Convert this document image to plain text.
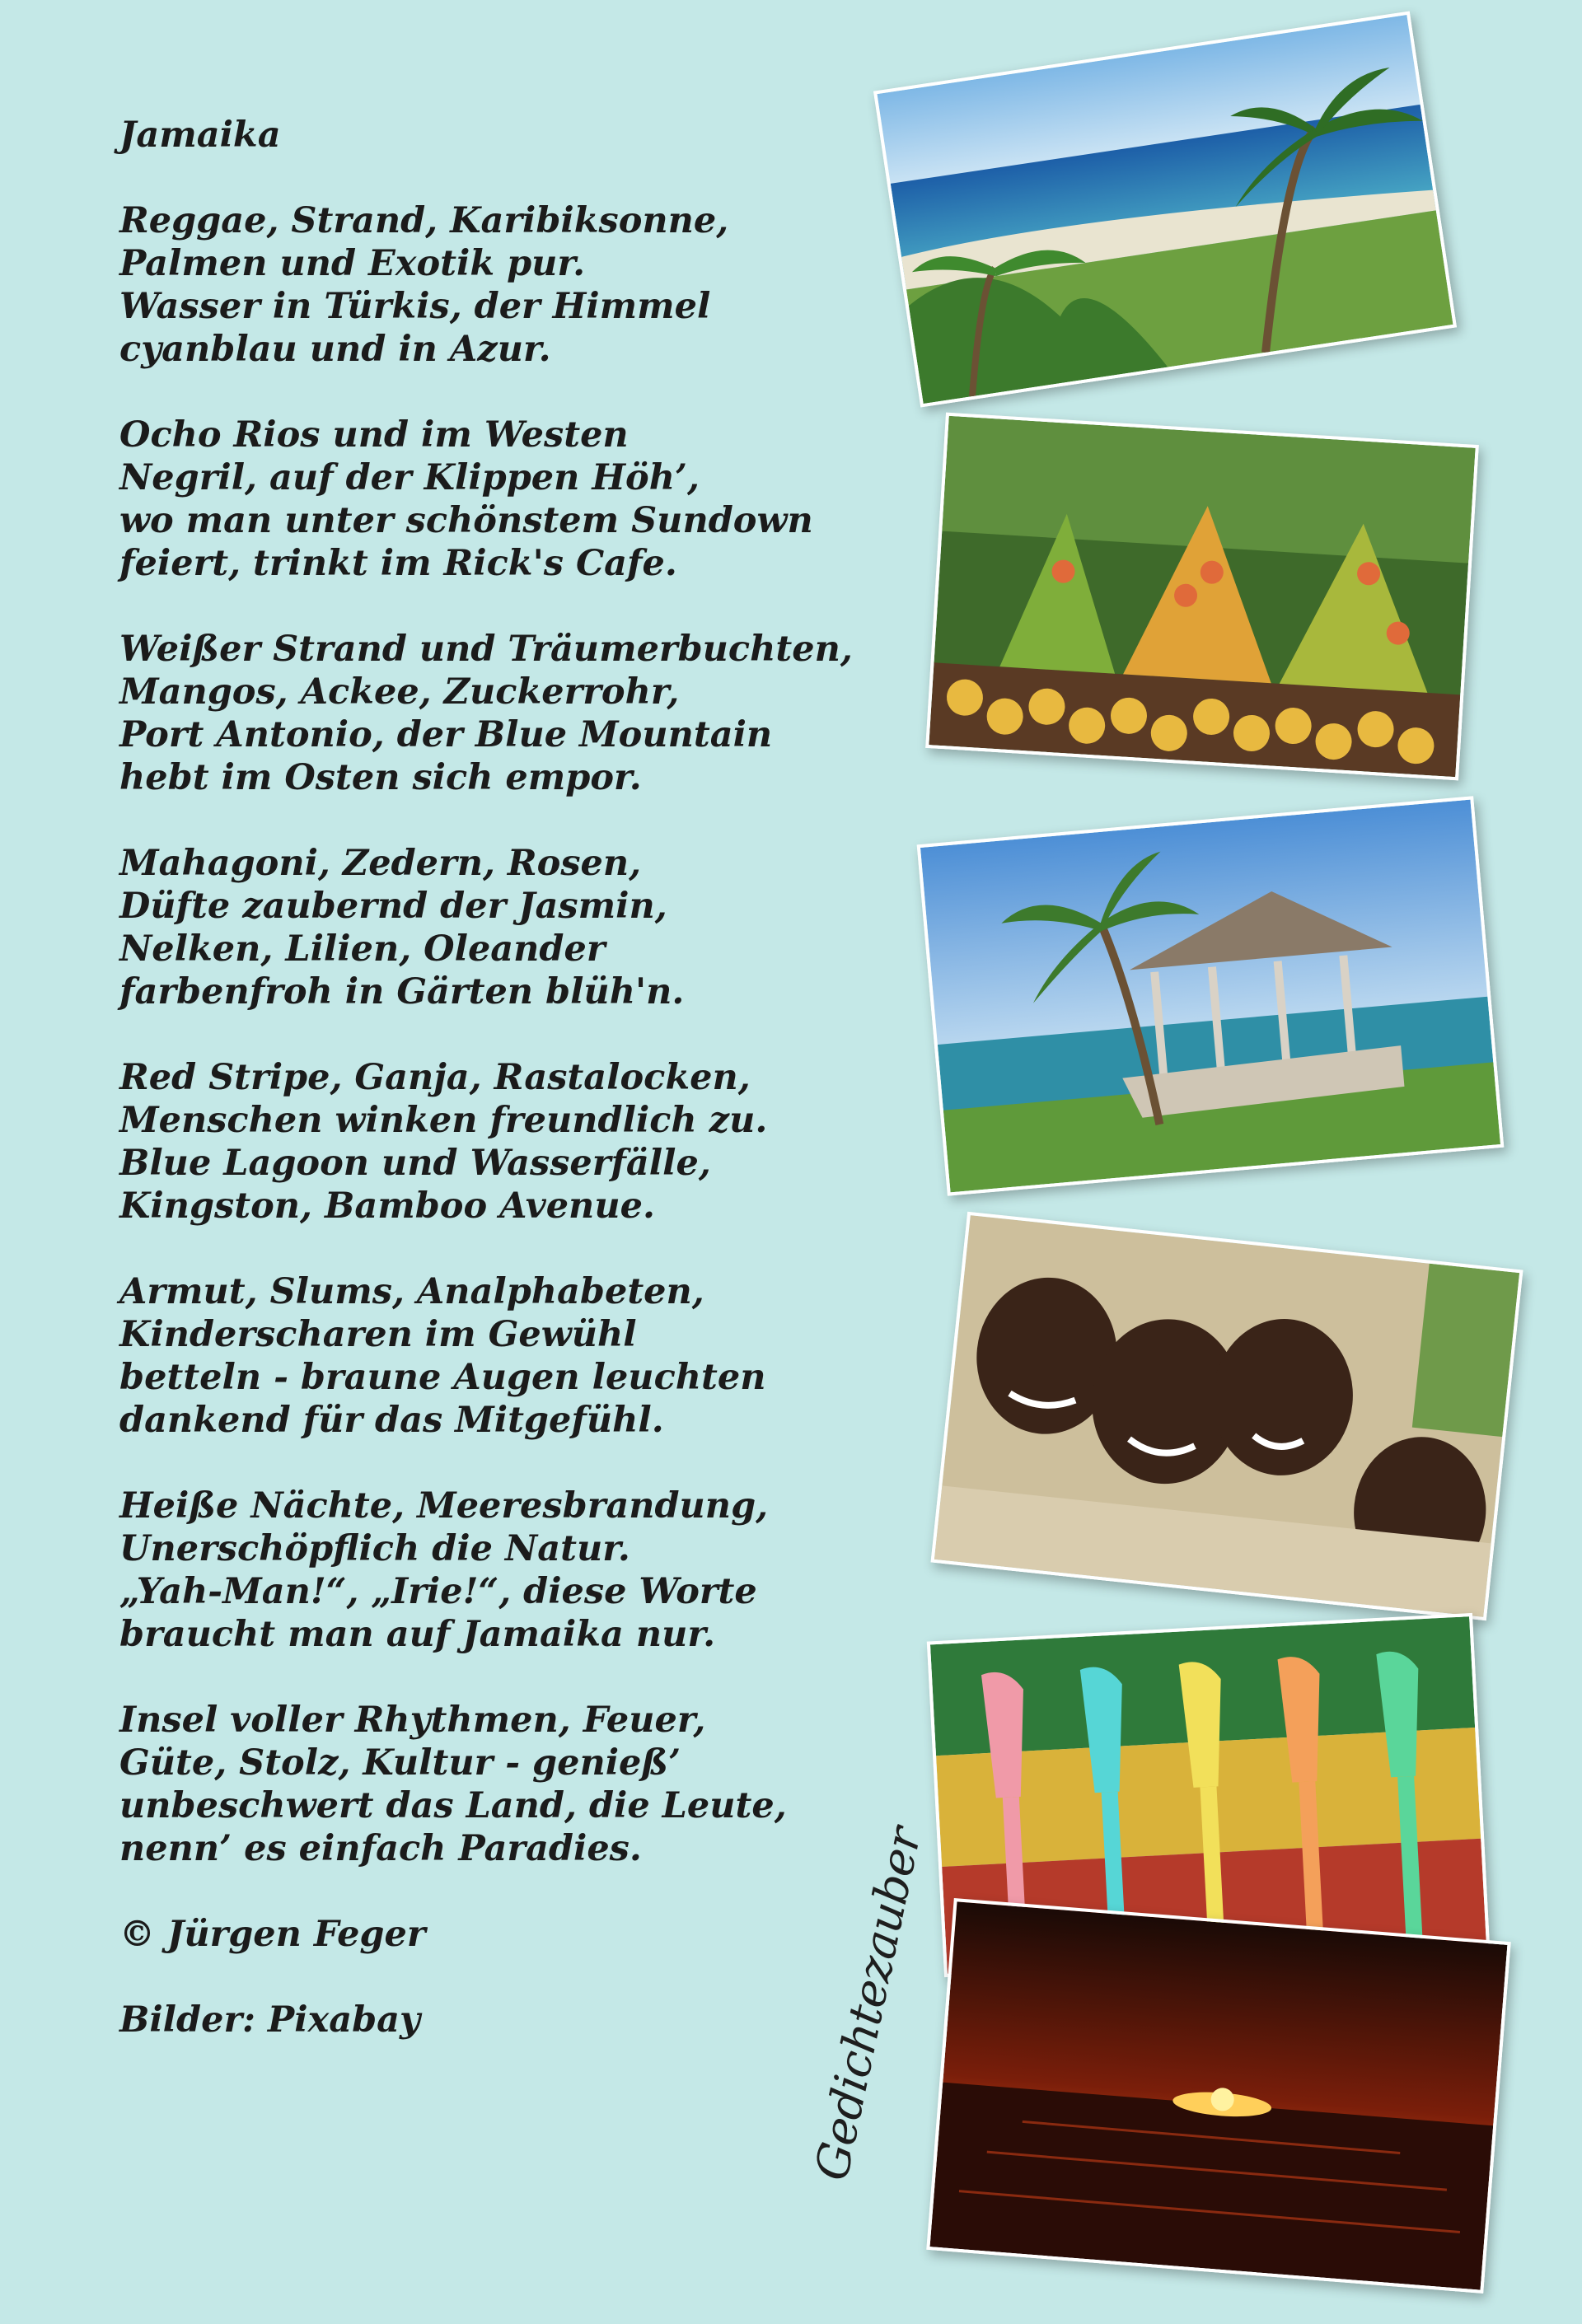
Jamaika
Reggae, Strand, Karibiksonne,
Palmen und Exotik pur.
Wasser in Türkis, der Himmel
cyanblau und in Azur.
Ocho Rios und im Westen
Negril, auf der Klippen Höh’,
wo man unter schönstem Sundown
feiert, trinkt im Rick's Cafe.
Weißer Strand und Träumerbuchten,
Mangos, Ackee, Zuckerrohr,
Port Antonio, der Blue Mountain
hebt im Osten sich empor.
Mahagoni, Zedern, Rosen,
Düfte zaubernd der Jasmin,
Nelken, Lilien, Oleander
farbenfroh in Gärten blüh'n.
Red Stripe, Ganja, Rastalocken,
Menschen winken freundlich zu.
Blue Lagoon und Wasserfälle,
Kingston, Bamboo Avenue.
Armut, Slums, Analphabeten,
Kinderscharen im Gewühl
betteln - braune Augen leuchten
dankend für das Mitgefühl.
Heiße Nächte, Meeresbrandung,
Unerschöpflich die Natur.
„Yah-Man!“, „Irie!“, diese Worte
braucht man auf Jamaika nur.
Insel voller Rhythmen, Feuer,
Güte, Stolz, Kultur - genieß’
unbeschwert das Land, die Leute,
nenn’ es einfach Paradies.
© Jürgen Feger
Bilder: Pixabay	Gedichtezauber
